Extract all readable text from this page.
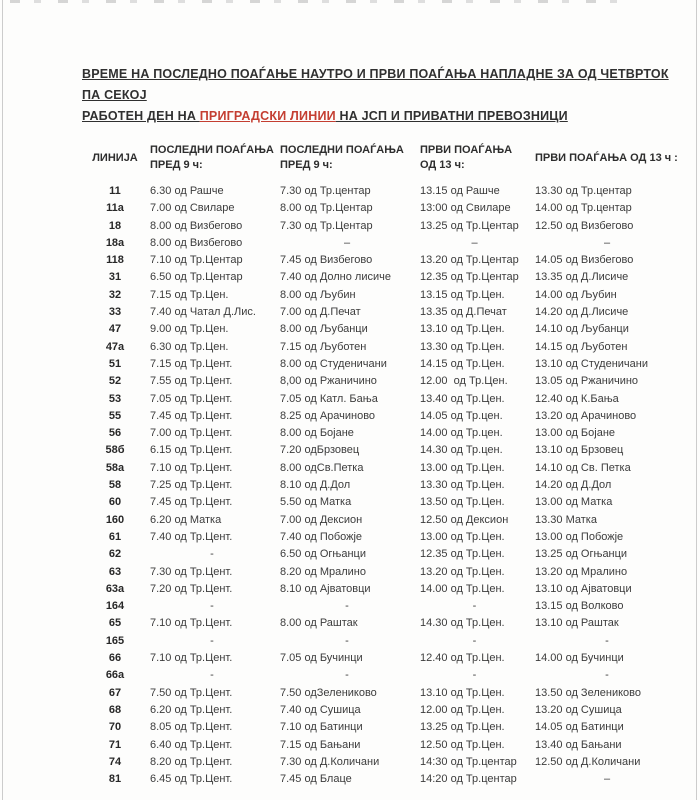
ВРЕМЕ НА ПОСЛЕДНО ПОАЃАЊЕ НАУТРО И ПРВИ ПОАЃАЊА НАПЛАДНЕ ЗА ОД ЧЕТВРТОК ПА СЕКОЈ
РАБОТЕН ДЕН НА ПРИГРАДСКИ ЛИНИИ НА ЈСП И ПРИВАТНИ ПРЕВОЗНИЦИ
ЛИНИЈА	ПОСЛЕДНИ ПОАЃАЊА ПРЕД 9 ч:	ПОСЛЕДНИ ПОАЃАЊА ПРЕД 9 ч:	ПРВИ ПОАЃАЊА ОД 13 ч:	ПРВИ ПОАЃАЊА ОД 13 ч :
11	6.30 од Рашче	7.30 од Тр.центар	13.15 од Рашче	13.30 од Тр.центар
11а	7.00 од Свиларе	8.00 од Тр.Центар	13:00 од Свиларе	14.00 од Тр.центар
18	8.00 од Визбегово	7.30 од Тр.Центар	13.25 од Тр.Центар	12.50 од Визбегово
18а	8.00 од Визбегово	–	–	–
118	7.10 од Тр.Центар	7.45 од Визбегово	13.20 од Тр.Центар	14.05 од Визбегово
31	6.50 од Тр.Центар	7.40 од Долно лисиче	12.35 од Тр.Центар	13.35 од Д.Лисиче
32	7.15 од Тр.Цен.	8.00 од Љубин	13.15 од Тр.Цен.	14.00 од Љубин
33	7.40 од Чатал Д.Лис.	7.00 од Д.Печат	13.35 од Д.Печат	14.20 од Д.Лисиче
47	9.00 од Тр.Цен.	8.00 од Љубанци	13.10 од Тр.Цен.	14.10 од Љубанци
47а	6.30 од Тр.Цен.	7.15 од Љуботен	13.30 од Тр.Цен.	14.15 од Љуботен
51	7.15 од Тр.Цент.	8.00 од Студеничани	14.15 од Тр.Цен.	13.10 од Студеничани
52	7.55 од Тр.Цент.	8,00 од Ржаничино	12.00  од Тр.Цен.	13.05 од Ржаничино
53	7.05 од Тр.Цент.	7.05 од Катл. Бања	13.40 од Тр.Цен.	12.40 од К.Бања
55	7.45 од Тр.Цент.	8.25 од Арачиново	14.05 од Тр.цен.	13.20 од Арачиново
56	7.00 од Тр.Цент.	8.00 од Бојане	14.00 од Тр.цен.	13.00 од Бојане
58б	6.15 од Тр.Цент.	7.20 одБрзовец	14.30 од Тр.цен.	13.10 од Брзовец
58а	7.10 од Тр.Цент.	8.00 одСв.Петка	13.00 од Тр.Цен.	14.10 од Св. Петка
58	7.25 од Тр.Цент.	8.10 од Д.Дол	13.30 од Тр.Цен.	14.20 од Д.Дол
60	7.45 од Тр.Цент.	5.50 од Матка	13.50 од Тр.Цен.	13.00 од Матка
160	6.20 од Матка	7.00 од Дексион	12.50 од Дексион	13.30 Матка
61	7.40 од Тр.Цент.	7.40 од Побожје	13.00 од Тр.Цен.	13.00 од Побожје
62	-	6.50 од Огњанци	12.35 од Тр.Цен.	13.25 од Огњанци
63	7.30 од Тр.Цент.	8.20 од Мралино	13.20 од Тр.Цен.	13.20 од Мралино
63а	7.20 од Тр.Цент.	8.10 од Ајватовци	14.00 од Тр.Цен.	13.10 од Ајватовци
164	-	-	-	13.15 од Волково
65	7.10 од Тр.Цент.	8.00 од Раштак	14.30 од Тр.Цен.	13.10 од Раштак
165	-	-	-	-
66	7.10 од Тр.Цент.	7.05 од Бучинци	12.40 од Тр.Цен.	14.00 од Бучинци
66а	-	-	-	-
67	7.50 од Тр.Цент.	7.50 одЗелениково	13.10 од Тр.Цен.	13.50 од Зелениково
68	6.20 од Тр.Цент.	7.40 од Сушица	12.00 од Тр.Цен.	13.20 од Сушица
70	8.05 од Тр.Цент.	7.10 од Батинци	13.25 од Тр.Цен.	14.05 од Батинци
71	6.40 од Тр.Цент.	7.15 од Бањани	12.50 од Тр.Цен.	13.40 од Бањани
74	8.20 од Тр.Цент.	7.30 од Д.Количани	14:30 од Тр.центар	12.50 од Д.Количани
81	6.45 од Тр.Цент.	7.45 од Блаце	14:20 од Тр.центар	–
